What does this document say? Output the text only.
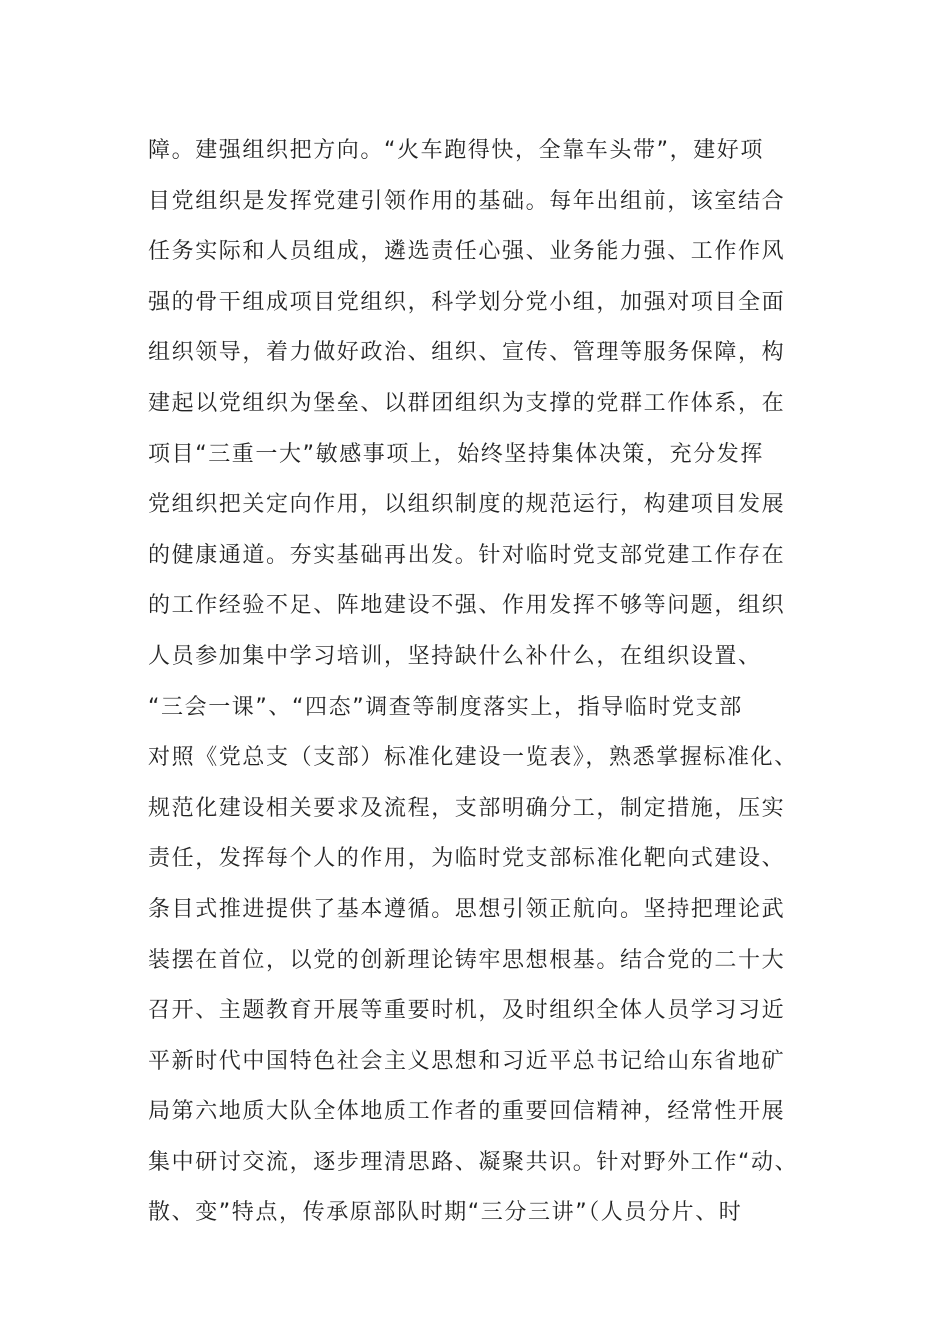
障。建强组织把方向。“火车跑得快，全靠车头带”，建好项
目党组织是发挥党建引领作用的基础。每年出组前，该室结合
任务实际和人员组成，遴选责任心强、业务能力强、工作作风
强的骨干组成项目党组织，科学划分党小组，加强对项目全面
组织领导，着力做好政治、组织、宣传、管理等服务保障，构
建起以党组织为堡垒、以群团组织为支撑的党群工作体系，在
项目“三重一大”敏感事项上，始终坚持集体决策，充分发挥
党组织把关定向作用，以组织制度的规范运行，构建项目发展
的健康通道。夯实基础再出发。针对临时党支部党建工作存在
的工作经验不足、阵地建设不强、作用发挥不够等问题，组织
人员参加集中学习培训，坚持缺什么补什么，在组织设置、
“三会一课”、“四态”调查等制度落实上，指导临时党支部
对照《党总支（支部）标准化建设一览表》，熟悉掌握标准化、
规范化建设相关要求及流程，支部明确分工，制定措施，压实
责任，发挥每个人的作用，为临时党支部标准化靶向式建设、
条目式推进提供了基本遵循。思想引领正航向。坚持把理论武
装摆在首位，以党的创新理论铸牢思想根基。结合党的二十大
召开、主题教育开展等重要时机，及时组织全体人员学习习近
平新时代中国特色社会主义思想和习近平总书记给山东省地矿
局第六地质大队全体地质工作者的重要回信精神，经常性开展
集中研讨交流，逐步理清思路、凝聚共识。针对野外工作“动、
散、变”特点，传承原部队时期“三分三讲”（人员分片、时
